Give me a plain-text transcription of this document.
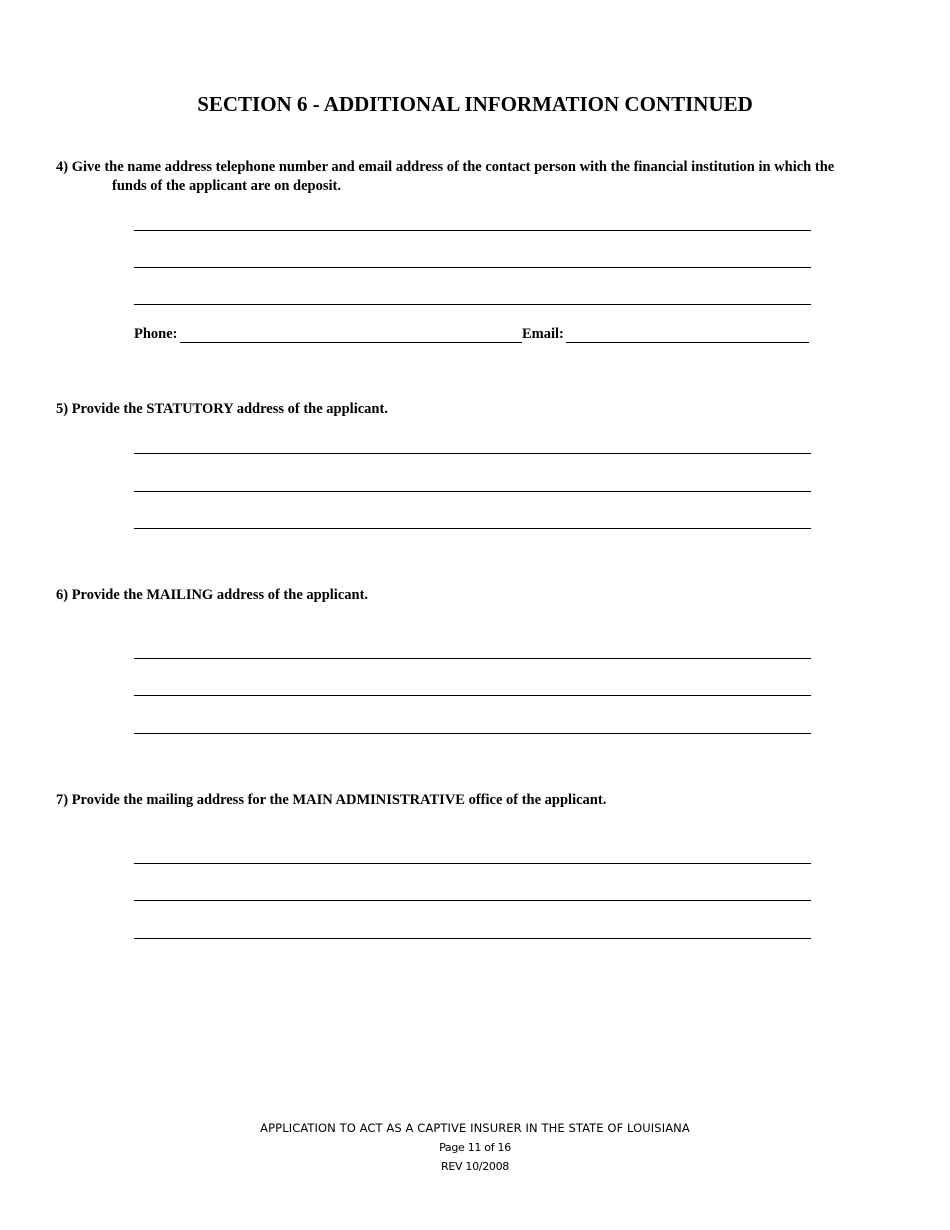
SECTION 6 - ADDITIONAL INFORMATION CONTINUED

4) Give the name address telephone number and email address of the contact person with the financial institution in which the
funds of the applicant are on deposit.

Phone:	Email:

5) Provide the STATUTORY address of the applicant.

6) Provide the MAILING address of the applicant.

7) Provide the mailing address for the MAIN ADMINISTRATIVE office of the applicant.

APPLICATION TO ACT AS A CAPTIVE INSURER IN THE STATE OF LOUISIANA
Page 11 of 16
REV 10/2008
